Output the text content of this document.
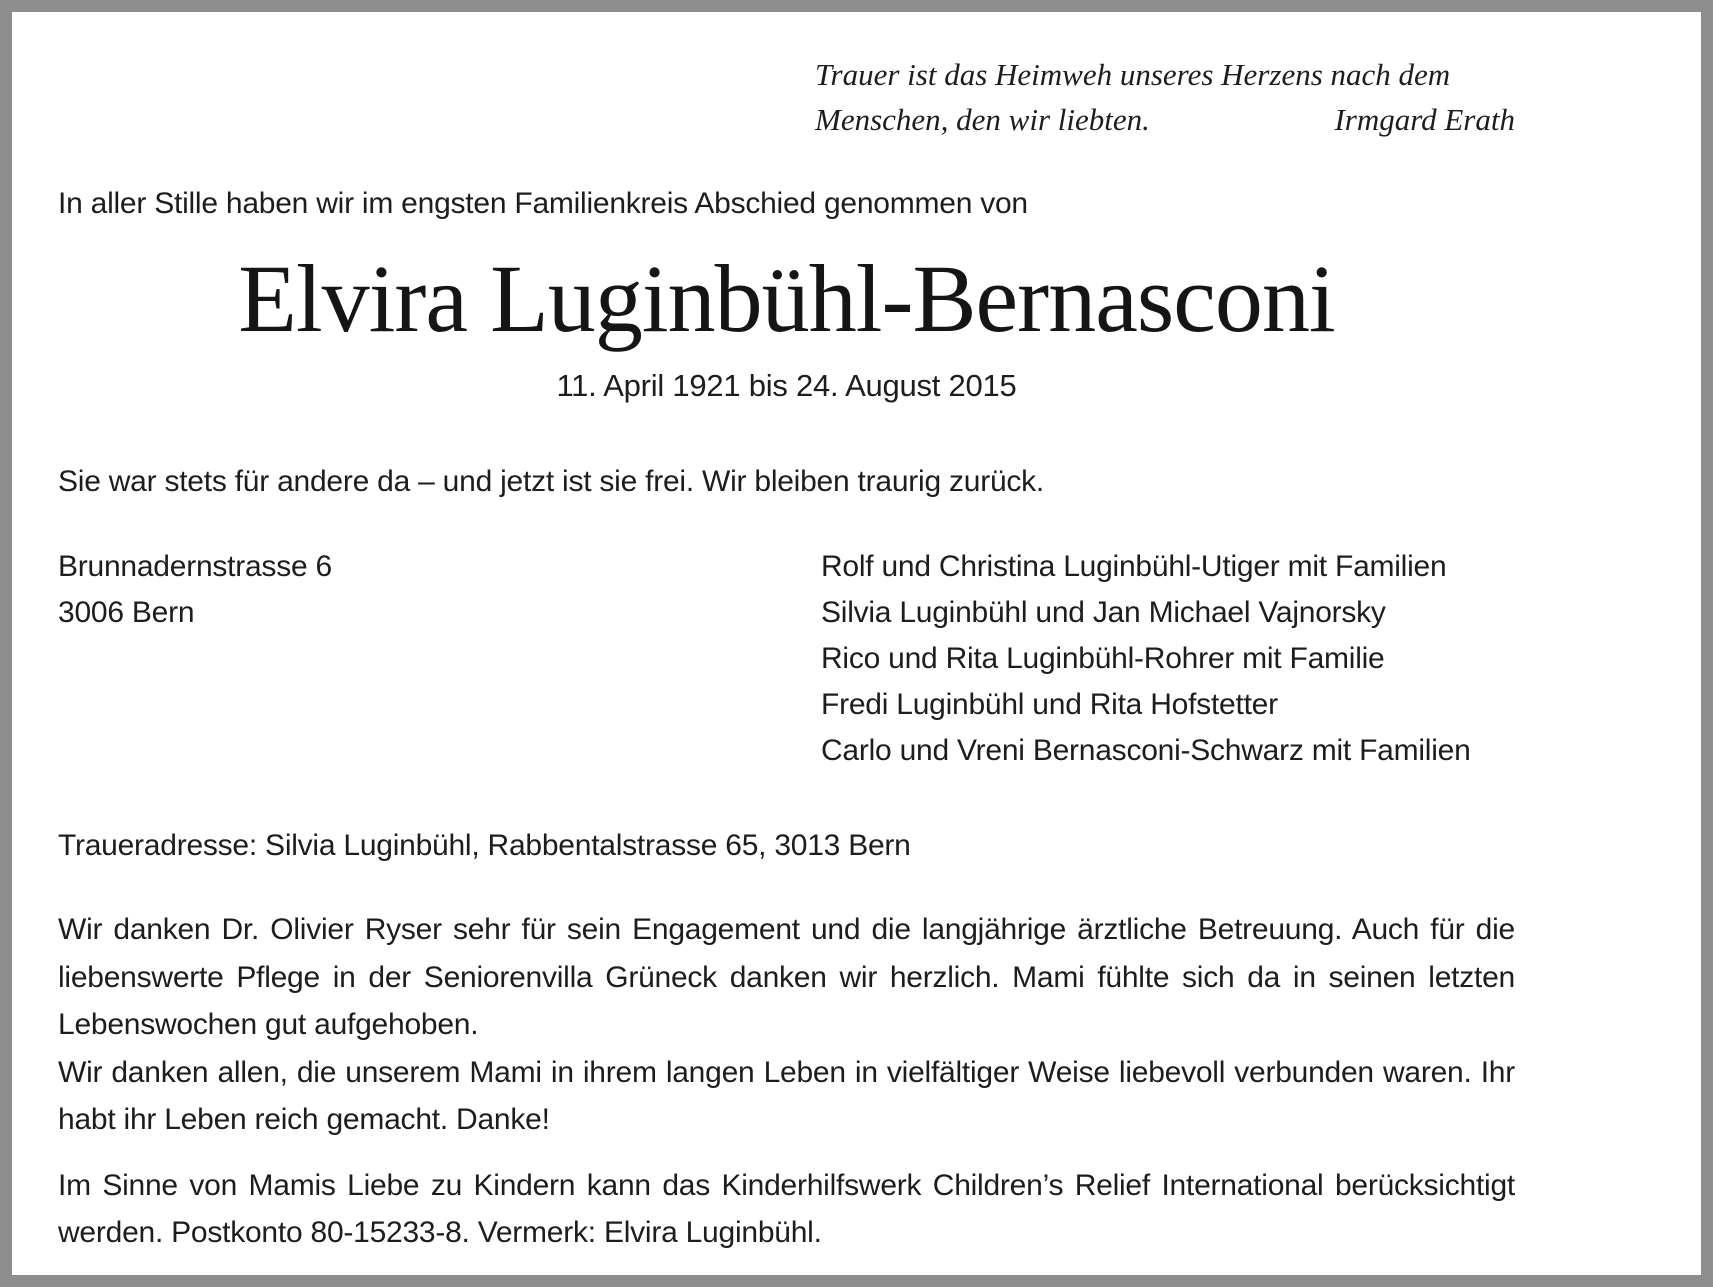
Trauer ist das Heimweh unseres Herzens nach dem
Menschen, den wir liebten.	Irmgard Erath

In aller Stille haben wir im engsten Familienkreis Abschied genommen von

Elvira Luginbühl-Bernasconi

11. April 1921 bis 24. August 2015

Sie war stets für andere da – und jetzt ist sie frei. Wir bleiben traurig zurück.

Brunnadernstrasse 6
3006 Bern
Rolf und Christina Luginbühl-Utiger mit Familien
Silvia Luginbühl und Jan Michael Vajnorsky
Rico und Rita Luginbühl-Rohrer mit Familie
Fredi Luginbühl und Rita Hofstetter
Carlo und Vreni Bernasconi-Schwarz mit Familien

Traueradresse: Silvia Luginbühl, Rabbentalstrasse 65, 3013 Bern

Wir danken Dr. Olivier Ryser sehr für sein Engagement und die langjährige ärztliche Betreuung. Auch für die liebenswerte Pflege in der Seniorenvilla Grüneck danken wir herzlich. Mami fühlte sich da in seinen letzten Lebenswochen gut aufgehoben.

Wir danken allen, die unserem Mami in ihrem langen Leben in vielfältiger Weise liebevoll verbunden waren. Ihr habt ihr Leben reich gemacht. Danke!

Im Sinne von Mamis Liebe zu Kindern kann das Kinderhilfswerk Children’s Relief International berücksichtigt werden. Postkonto 80-15233-8. Vermerk: Elvira Luginbühl.
